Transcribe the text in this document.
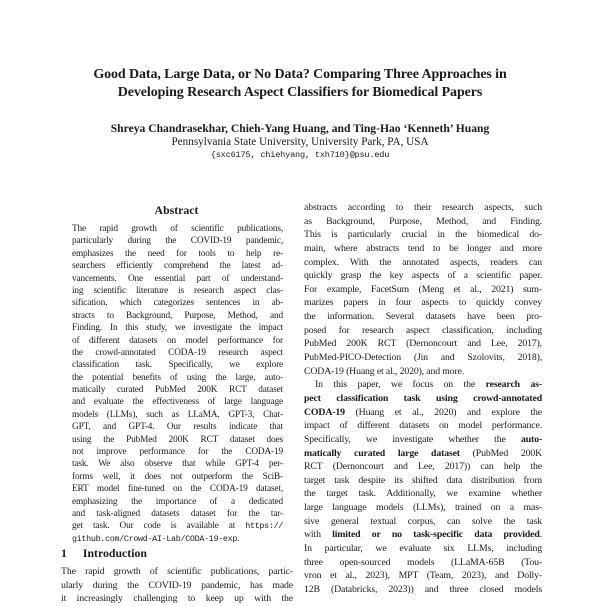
Good Data, Large Data, or No Data? Comparing Three Approaches in
Developing Research Aspect Classifiers for Biomedical Papers
Shreya Chandrasekhar, Chieh-Yang Huang, and Ting-Hao ‘Kenneth’ Huang
Pennsylvania State University, University Park, PA, USA
{sxc6175, chiehyang, txh710}@psu.edu
Abstract
The rapid growth of scientific publications,
particularly during the COVID-19 pandemic,
emphasizes the need for tools to help re-
searchers efficiently comprehend the latest ad-
vancements. One essential part of understand-
ing scientific literature is research aspect clas-
sification, which categorizes sentences in ab-
stracts to Background, Purpose, Method, and
Finding. In this study, we investigate the impact
of different datasets on model performance for
the crowd-annotated CODA-19 research aspect
classification task. Specifically, we explore
the potential benefits of using the large, auto-
matically curated PubMed 200K RCT dataset
and evaluate the effectiveness of large language
models (LLMs), such as LLaMA, GPT-3, Chat-
GPT, and GPT-4. Our results indicate that
using the PubMed 200K RCT dataset does
not improve performance for the CODA-19
task. We also observe that while GPT-4 per-
forms well, it does not outperform the SciB-
ERT model fine-tuned on the CODA-19 dataset,
emphasizing the importance of a dedicated
and task-aligned datasets dataset for the tar-
get task. Our code is available at https://
github.com/Crowd-AI-Lab/CODA-19-exp.
1 Introduction
The rapid growth of scientific publications, partic-
ularly during the COVID-19 pandemic, has made
it increasingly challenging to keep up with the
abstracts according to their research aspects, such
as Background, Purpose, Method, and Finding.
This is particularly crucial in the biomedical do-
main, where abstracts tend to be longer and more
complex. With the annotated aspects, readers can
quickly grasp the key aspects of a scientific paper.
For example, FacetSum (Meng et al., 2021) sum-
marizes papers in four aspects to quickly convey
the information. Several datasets have been pro-
posed for research aspect classification, including
PubMed 200K RCT (Dernoncourt and Lee, 2017),
PubMed-PICO-Detection (Jin and Szolovits, 2018),
CODA-19 (Huang et al., 2020), and more.
In this paper, we focus on the research as-
pect classification task using crowd-annotated
CODA-19 (Huang et al., 2020) and explore the
impact of different datasets on model performance.
Specifically, we investigate whether the auto-
matically curated large dataset (PubMed 200K
RCT (Dernoncourt and Lee, 2017)) can help the
target task despite its shifted data distribution from
the target task. Additionally, we examine whether
large language models (LLMs), trained on a mas-
sive general textual corpus, can solve the task
with limited or no task-specific data provided.
In particular, we evaluate six LLMs, including
three open-sourced models (LLaMA-65B (Tou-
vron et al., 2023), MPT (Team, 2023), and Dolly-
12B (Databricks, 2023)) and three closed models
